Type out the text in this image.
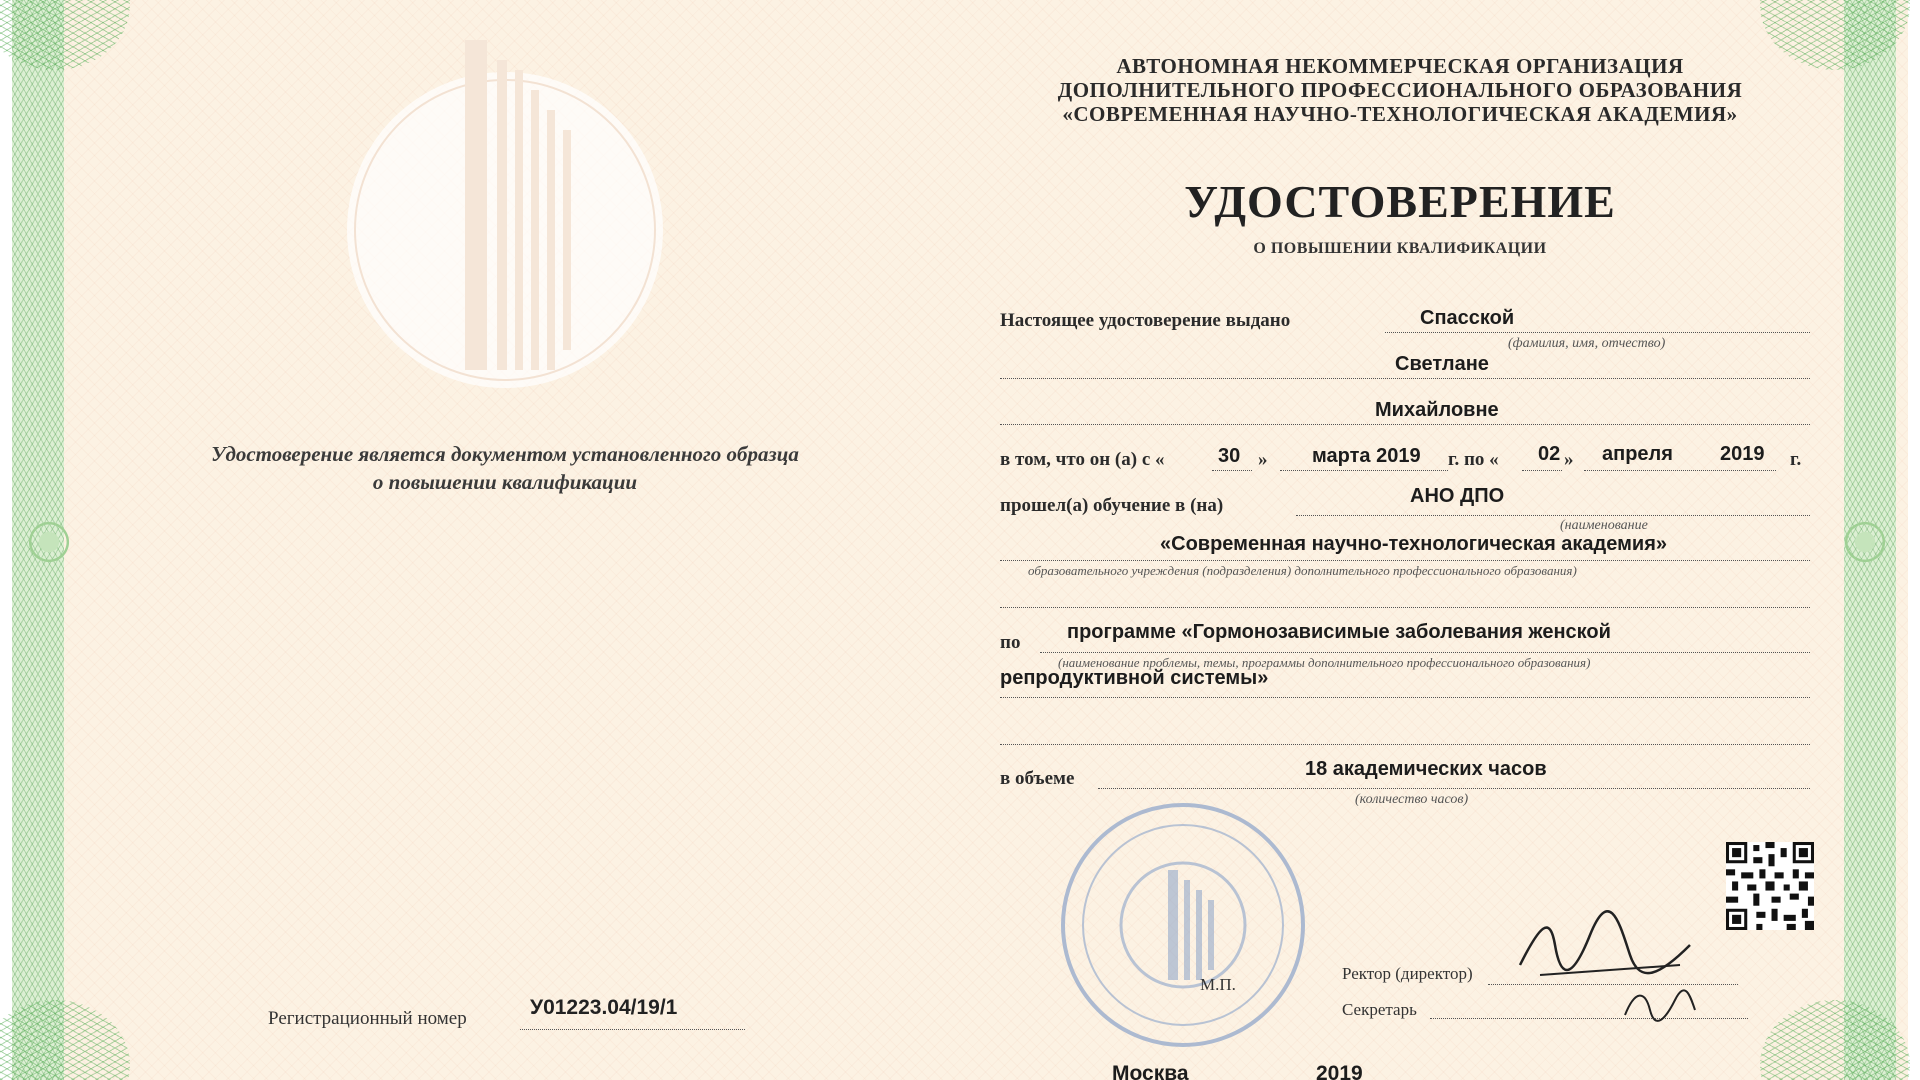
Удостоверение является документом установленного образца
о повышении квалификации
Регистрационный номер	У01223.04/19/1
АВТОНОМНАЯ НЕКОММЕРЧЕСКАЯ ОРГАНИЗАЦИЯ
ДОПОЛНИТЕЛЬНОГО ПРОФЕССИОНАЛЬНОГО ОБРАЗОВАНИЯ
«СОВРЕМЕННАЯ НАУЧНО-ТЕХНОЛОГИЧЕСКАЯ АКАДЕМИЯ»
УДОСТОВЕРЕНИЕ
О ПОВЫШЕНИИ КВАЛИФИКАЦИИ
Настоящее удостоверение выдано	Спасской
(фамилия, имя, отчество)
Светлане
Михайловне
в том, что он (а) с «	30 » марта 2019 г. по « 02 » апреля 2019 г.
прошел(а) обучение в (на)	АНО ДПО
(наименование
«Современная научно-технологическая академия»
образовательного учреждения (подразделения) дополнительного профессионального образования)
по программе «Гормонозависимые заболевания женской
(наименование проблемы, темы, программы дополнительного профессионального образования)
репродуктивной системы»
в объеме	18 академических часов
(количество часов)
М.П.
Ректор (директор)
Секретарь
Москва	2019
